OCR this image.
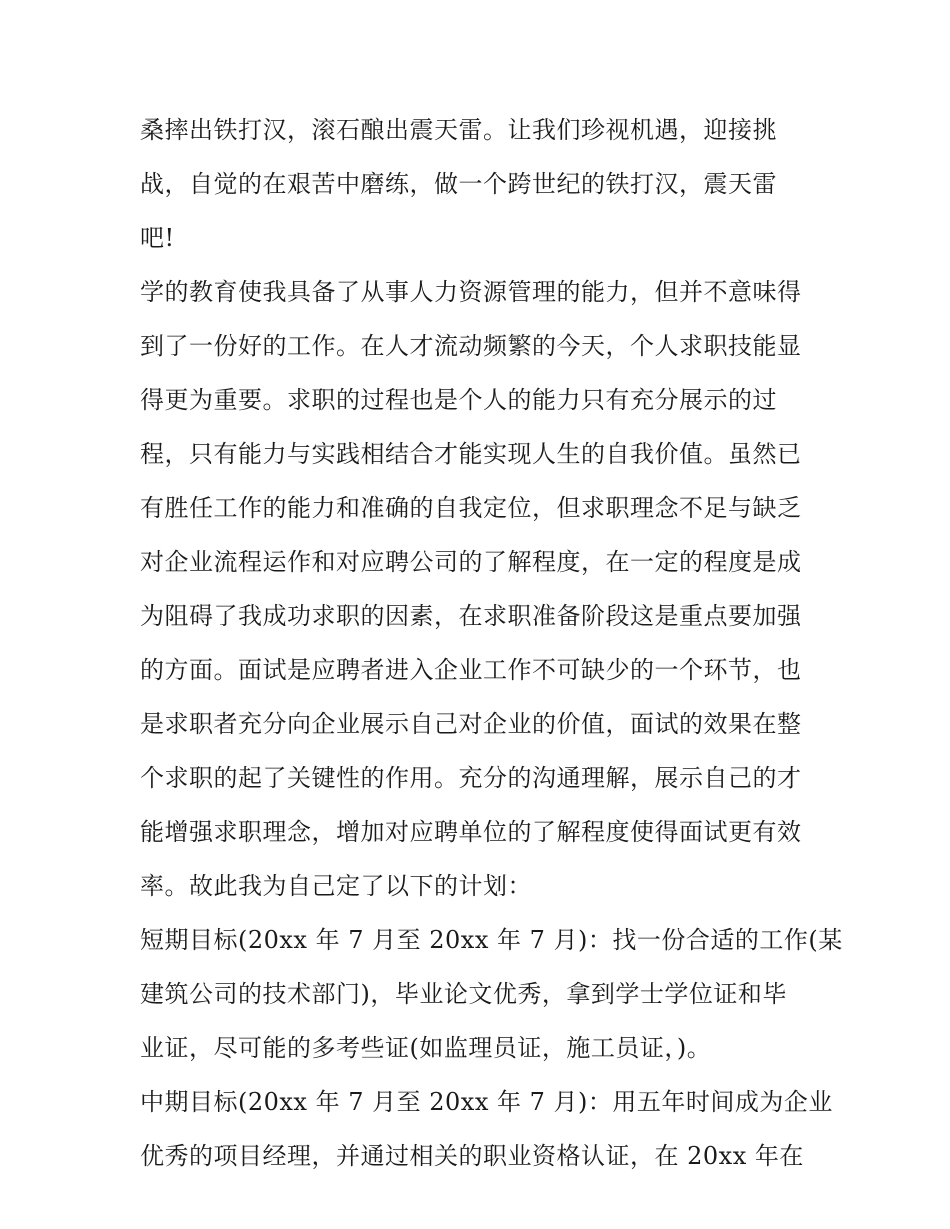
桑摔出铁打汉，滚石酿出震天雷。让我们珍视机遇，迎接挑
战，自觉的在艰苦中磨练，做一个跨世纪的铁打汉，震天雷
吧!
学的教育使我具备了从事人力资源管理的能力，但并不意味得
到了一份好的工作。在人才流动频繁的今天，个人求职技能显
得更为重要。求职的过程也是个人的能力只有充分展示的过
程，只有能力与实践相结合才能实现人生的自我价值。虽然已
有胜任工作的能力和准确的自我定位，但求职理念不足与缺乏
对企业流程运作和对应聘公司的了解程度，在一定的程度是成
为阻碍了我成功求职的因素，在求职准备阶段这是重点要加强
的方面。面试是应聘者进入企业工作不可缺少的一个环节，也
是求职者充分向企业展示自己对企业的价值，面试的效果在整
个求职的起了关键性的作用。充分的沟通理解，展示自己的才
能增强求职理念，增加对应聘单位的了解程度使得面试更有效
率。故此我为自己定了以下的计划：
短期目标(20xx 年 7 月至 20xx 年 7 月)：找一份合适的工作(某
建筑公司的技术部门)，毕业论文优秀，拿到学士学位证和毕
业证，尽可能的多考些证(如监理员证，施工员证，)。
中期目标(20xx 年 7 月至 20xx 年 7 月)：用五年时间成为企业
优秀的项目经理，并通过相关的职业资格认证，在 20xx 年在
